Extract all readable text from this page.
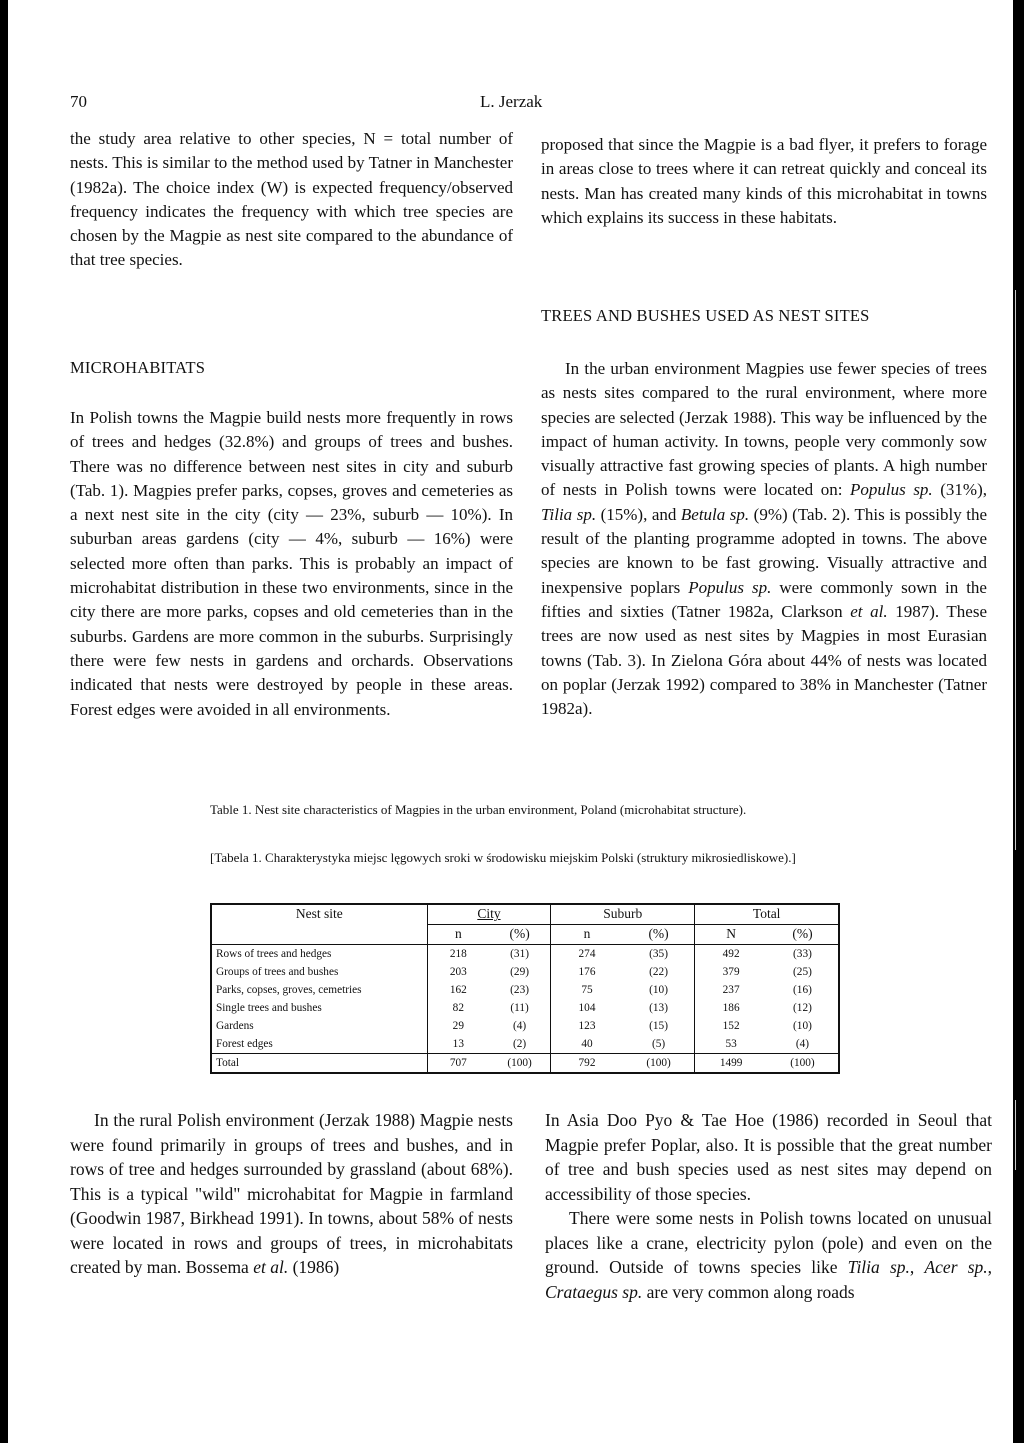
70	L. Jerzak

the study area relative to other species, N = total number of nests. This is similar to the method used by Tatner in Manchester (1982a). The choice index (W) is expected frequency/observed frequency indicates the frequency with which tree species are chosen by the Magpie as nest site compared to the abundance of that tree species.

MICROHABITATS

In Polish towns the Magpie build nests more frequently in rows of trees and hedges (32.8%) and groups of trees and bushes. There was no difference between nest sites in city and suburb (Tab. 1). Magpies prefer parks, copses, groves and cemeteries as a next nest site in the city (city — 23%, suburb — 10%). In suburban areas gardens (city — 4%, suburb — 16%) were selected more often than parks. This is probably an impact of microhabitat distribution in these two environments, since in the city there are more parks, copses and old cemeteries than in the suburbs. Gardens are more common in the suburbs. Surprisingly there were few nests in gardens and orchards. Observations indicated that nests were destroyed by people in these areas. Forest edges were avoided in all environments.

proposed that since the Magpie is a bad flyer, it prefers to forage in areas close to trees where it can retreat quickly and conceal its nests. Man has created many kinds of this microhabitat in towns which explains its success in these habitats.

TREES AND BUSHES USED AS NEST SITES

In the urban environment Magpies use fewer species of trees as nests sites compared to the rural environment, where more species are selected (Jerzak 1988). This way be influenced by the impact of human activity. In towns, people very commonly sow visually attractive fast growing species of plants. A high number of nests in Polish towns were located on: Populus sp. (31%), Tilia sp. (15%), and Betula sp. (9%) (Tab. 2). This is possibly the result of the planting programme adopted in towns. The above species are known to be fast growing. Visually attractive and inexpensive poplars Populus sp. were commonly sown in the fifties and sixties (Tatner 1982a, Clarkson et al. 1987). These trees are now used as nest sites by Magpies in most Eurasian towns (Tab. 3). In Zielona Góra about 44% of nests was located on poplar (Jerzak 1992) compared to 38% in Manchester (Tatner 1982a).

Table 1. Nest site characteristics of Magpies in the urban environment, Poland (microhabitat structure).
[Tabela 1. Charakterystyka miejsc lęgowych sroki w środowisku miejskim Polski (struktury mikrosiedliskowe).]
Nest site	City		Suburb		Total	
	n	(%)	n	(%)	N	(%)
Rows of trees and hedges	218	(31)	274	(35)	492	(33)
Groups of trees and bushes	203	(29)	176	(22)	379	(25)
Parks, copses, groves, cemetries	162	(23)	75	(10)	237	(16)
Single trees and bushes	82	(11)	104	(13)	186	(12)
Gardens	29	(4)	123	(15)	152	(10)
Forest edges	13	(2)	40	(5)	53	(4)
Total	707	(100)	792	(100)	1499	(100)

In the rural Polish environment (Jerzak 1988) Magpie nests were found primarily in groups of trees and bushes, and in rows of tree and hedges surrounded by grassland (about 68%). This is a typical "wild" microhabitat for Magpie in farmland (Goodwin 1987, Birkhead 1991). In towns, about 58% of nests were located in rows and groups of trees, in microhabitats created by man. Bossema et al. (1986)

In Asia Doo Pyo & Tae Hoe (1986) recorded in Seoul that Magpie prefer Poplar, also. It is possible that the great number of tree and bush species used as nest sites may depend on accessibility of those species.

There were some nests in Polish towns located on unusual places like a crane, electricity pylon (pole) and even on the ground. Outside of towns species like Tilia sp., Acer sp., Crataegus sp. are very common along roads
